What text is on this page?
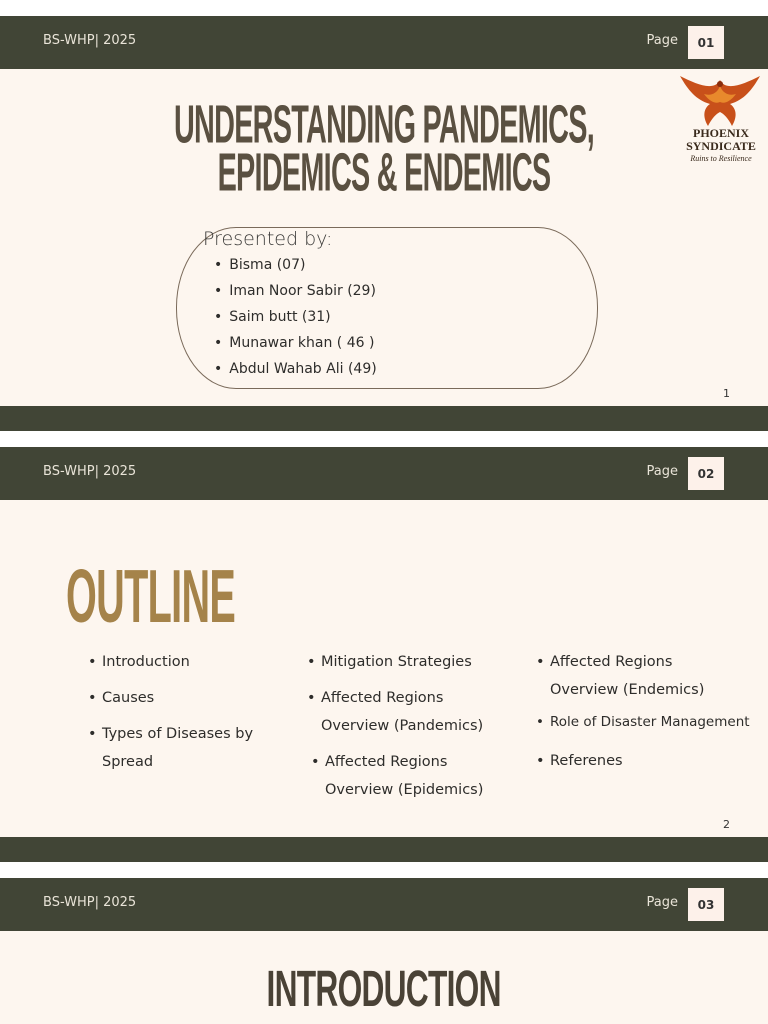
BS-WHP| 2025	Page	01
1
UNDERSTANDING PANDEMICS,
EPIDEMICS & ENDEMICS
PHOENIX
SYNDICATE
Ruins to Resilience
Presented by:
• Bisma (07)
• Iman Noor Sabir (29)
• Saim butt (31)
• Munawar khan ( 46 )
• Abdul Wahab Ali (49)
BS-WHP| 2025	Page	02
2
OUTLINE
• Introduction
• Causes
• Types of Diseases by Spread
• Mitigation Strategies
• Affected Regions Overview (Pandemics)
• Affected Regions Overview (Epidemics)
• Affected Regions Overview (Endemics)
• Role of Disaster Management
• Referenes
BS-WHP| 2025	Page	03
INTRODUCTION
